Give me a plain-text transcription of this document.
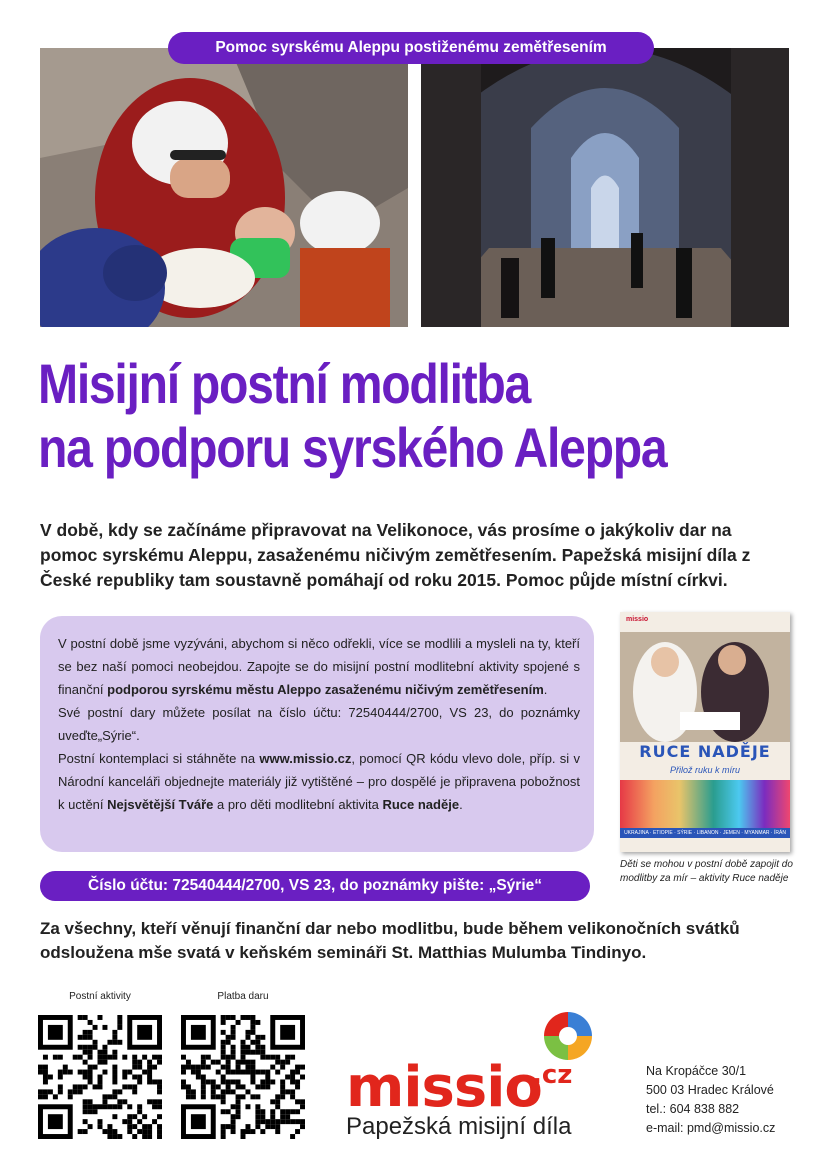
Pomoc syrskému Aleppu postiženému zemětřesením
Misijní postní modlitba
na podporu syrského Aleppa
V době, kdy se začínáme připravovat na Velikonoce, vás prosíme o jakýkoliv dar na pomoc syrskému Aleppu, zasaženému ničivým zemětřesením. Papežská misijní díla z České republiky tam soustavně pomáhají od roku 2015. Pomoc půjde místní církvi.

V postní době jsme vyzýváni, abychom si něco odřekli, více se modlili a mysleli na ty, kteří se bez naší pomoci neobejdou. Zapojte se do misijní postní modlitební aktivity spojené s finanční podporou syrskému městu Aleppo zasaženému ničivým zemětřesením.

Své postní dary můžete posílat na číslo účtu: 72540444/2700, VS 23, do poznámky uveďte„Sýrie“.

Postní kontemplaci si stáhněte na www.missio.cz, pomocí QR kódu vlevo dole, příp. si v Národní kanceláři objednejte materiály již vytištěné – pro dospělé je připravena pobožnost k uctění Nejsvětější Tváře a pro děti modlitební aktivita Ruce naděje.

missio
RUCE NADĚJE
Přilož ruku k míru
UKRAJINA · ETIOPIE · SÝRIE · LIBANON · JEMEN · MYANMAR · ÍRÁN
Děti se mohou v postní době zapojit do modlitby za mír – aktivity Ruce naděje
Číslo účtu: 72540444/2700, VS 23, do poznámky pište: „Sýrie“
Za všechny, kteří věnují finanční dar nebo modlitbu, bude během velikonočních svátků odsloužena mše svatá v keňském semináři St. Matthias Mulumba Tindinyo.
Postní aktivity	Platba daru
missio
.cz
Papežská misijní díla
Na Kropáčce 30/1
500 03 Hradec Králové
tel.: 604 838 882
e-mail: pmd@missio.cz
